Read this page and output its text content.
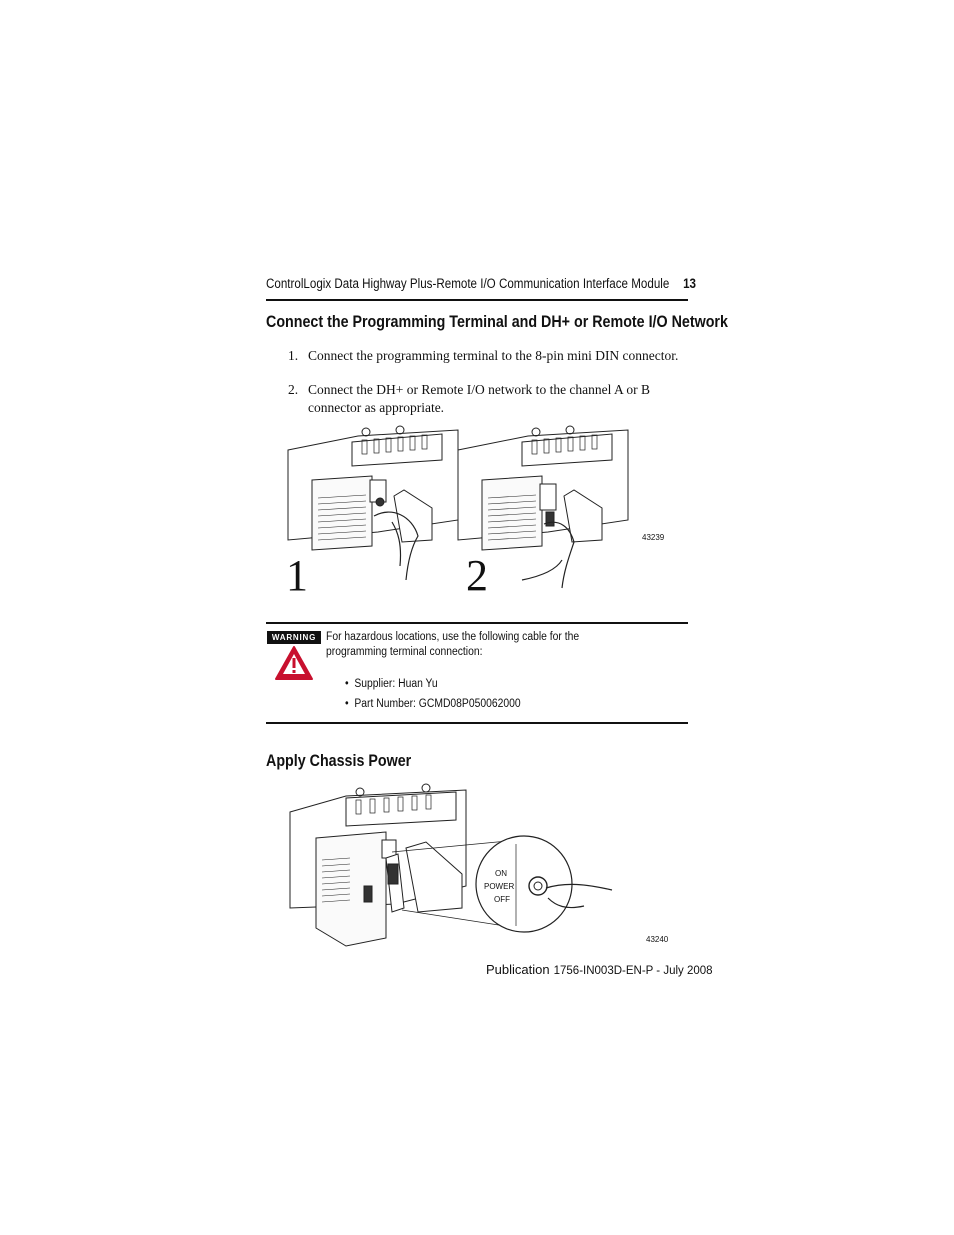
ControlLogix Data Highway Plus-Remote I/O Communication Interface Module 13
Connect the Programming Terminal and DH+ or Remote I/O Network
1. Connect the programming terminal to the 8-pin mini DIN connector.
2. Connect the DH+ or Remote I/O network to the channel A or B connector as appropriate.
1	2
43239
WARNING For hazardous locations, use the following cable for the programming terminal connection:
•  Supplier: Huan Yu
•  Part Number: GCMD08P050062000
Apply Chassis Power
ON
POWER
OFF
43240
Publication 1756-IN003D-EN-P - July 2008
